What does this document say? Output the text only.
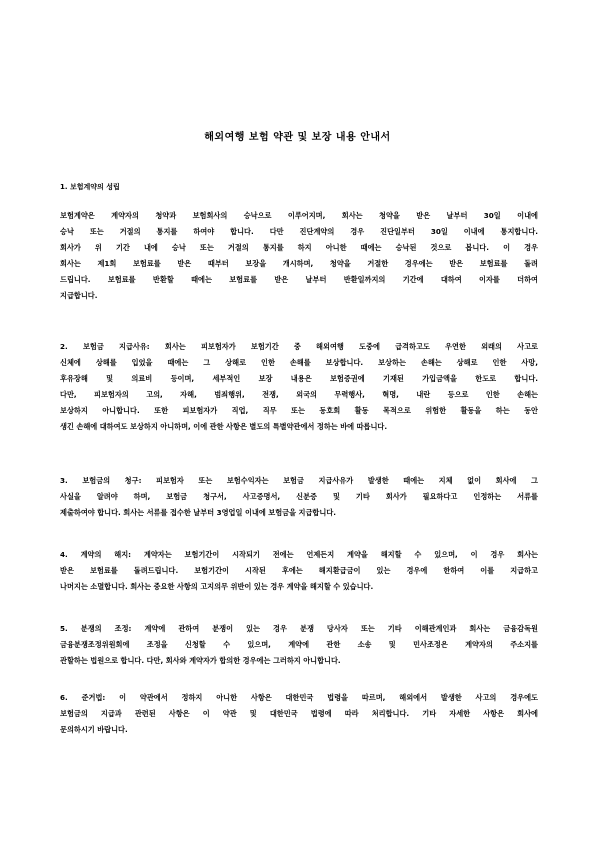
해외여행 보험 약관 및 보장 내용 안내서
1. 보험계약의 성립
보험계약은 계약자의 청약과 보험회사의 승낙으로 이루어지며, 회사는 청약을 받은 날부터 30일 이내에
승낙 또는 거절의 통지를 하여야 합니다. 다만 진단계약의 경우 진단일부터 30일 이내에 통지합니다.
회사가 위 기간 내에 승낙 또는 거절의 통지를 하지 아니한 때에는 승낙된 것으로 봅니다. 이 경우
회사는 제1회 보험료를 받은 때부터 보장을 개시하며, 청약을 거절한 경우에는 받은 보험료를 돌려
드립니다. 보험료를 반환할 때에는 보험료를 받은 날부터 반환일까지의 기간에 대하여 이자를 더하여
지급합니다.
2. 보험금 지급사유: 회사는 피보험자가 보험기간 중 해외여행 도중에 급격하고도 우연한 외래의 사고로
신체에 상해를 입었을 때에는 그 상해로 인한 손해를 보상합니다. 보상하는 손해는 상해로 인한 사망,
후유장해 및 의료비 등이며, 세부적인 보장 내용은 보험증권에 기재된 가입금액을 한도로 합니다.
다만, 피보험자의 고의, 자해, 범죄행위, 전쟁, 외국의 무력행사, 혁명, 내란 등으로 인한 손해는
보상하지 아니합니다. 또한 피보험자가 직업, 직무 또는 동호회 활동 목적으로 위험한 활동을 하는 동안
생긴 손해에 대하여도 보상하지 아니하며, 이에 관한 사항은 별도의 특별약관에서 정하는 바에 따릅니다.
3. 보험금의 청구: 피보험자 또는 보험수익자는 보험금 지급사유가 발생한 때에는 지체 없이 회사에 그
사실을 알려야 하며, 보험금 청구서, 사고증명서, 신분증 및 기타 회사가 필요하다고 인정하는 서류를
제출하여야 합니다. 회사는 서류를 접수한 날부터 3영업일 이내에 보험금을 지급합니다.
4. 계약의 해지: 계약자는 보험기간이 시작되기 전에는 언제든지 계약을 해지할 수 있으며, 이 경우 회사는
받은 보험료를 돌려드립니다. 보험기간이 시작된 후에는 해지환급금이 있는 경우에 한하여 이를 지급하고
나머지는 소멸합니다. 회사는 중요한 사항의 고지의무 위반이 있는 경우 계약을 해지할 수 있습니다.
5. 분쟁의 조정: 계약에 관하여 분쟁이 있는 경우 분쟁 당사자 또는 기타 이해관계인과 회사는 금융감독원
금융분쟁조정위원회에 조정을 신청할 수 있으며, 계약에 관한 소송 및 민사조정은 계약자의 주소지를
관할하는 법원으로 합니다. 다만, 회사와 계약자가 합의한 경우에는 그러하지 아니합니다.
6. 준거법: 이 약관에서 정하지 아니한 사항은 대한민국 법령을 따르며, 해외에서 발생한 사고의 경우에도
보험금의 지급과 관련된 사항은 이 약관 및 대한민국 법령에 따라 처리합니다. 기타 자세한 사항은 회사에
문의하시기 바랍니다.
